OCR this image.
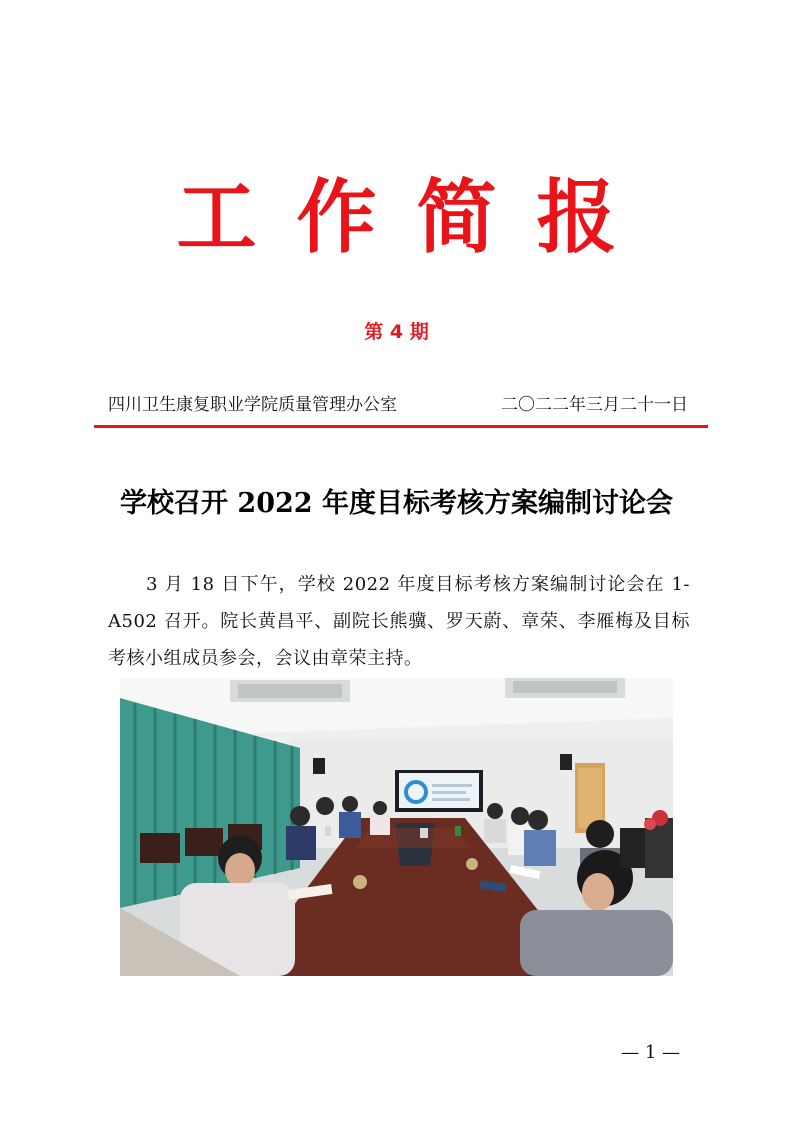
工作简报
第 4 期
四川卫生康复职业学院质量管理办公室	二〇二二年三月二十一日
学校召开 2022 年度目标考核方案编制讨论会
3 月 18 日下午，学校 2022 年度目标考核方案编制讨论会在 1-A502 召开。院长黄昌平、副院长熊骥、罗天蔚、章荣、李雁梅及目标考核小组成员参会，会议由章荣主持。
— 1 —
